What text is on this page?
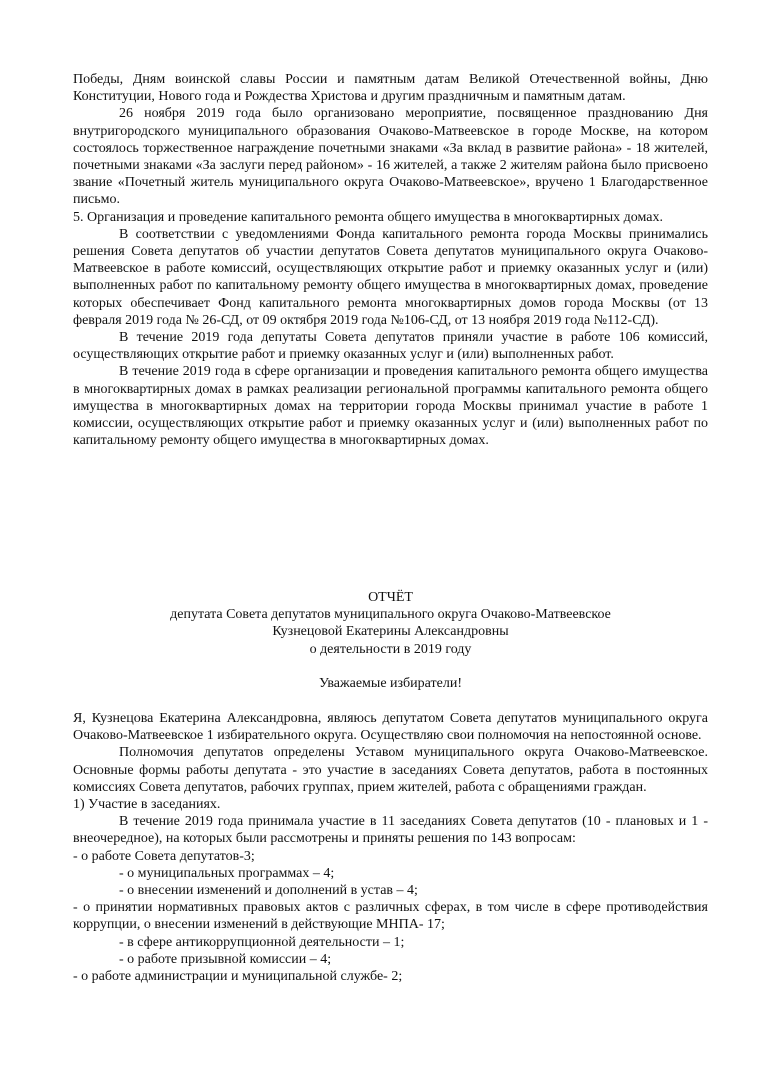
Победы, Дням воинской славы России и памятным датам Великой Отечественной войны, Дню Конституции, Нового года и Рождества Христова и другим праздничным и памятным датам.

26 ноября 2019 года было организовано мероприятие, посвященное празднованию Дня внутригородского муниципального образования Очаково-Матвеевское в городе Москве, на котором состоялось торжественное награждение почетными знаками «За вклад в развитие района» - 18 жителей, почетными знаками «За заслуги перед районом» - 16 жителей, а также 2 жителям района было присвоено звание «Почетный житель муниципального округа Очаково-Матвеевское», вручено 1 Благодарственное письмо.

5. Организация и проведение капитального ремонта общего имущества в многоквартирных домах.

В соответствии с уведомлениями Фонда капитального ремонта города Москвы принимались решения Совета депутатов об участии депутатов Совета депутатов муниципального округа Очаково-Матвеевское в работе комиссий, осуществляющих открытие работ и приемку оказанных услуг и (или) выполненных работ по капитальному ремонту общего имущества в многоквартирных домах, проведение которых обеспечивает Фонд капитального ремонта многоквартирных домов города Москвы (от 13 февраля 2019 года № 26-СД, от 09 октября 2019 года №106-СД, от 13 ноября 2019 года №112-СД).

В течение 2019 года депутаты Совета депутатов приняли участие в работе 106 комиссий, осуществляющих открытие работ и приемку оказанных услуг и (или) выполненных работ.

В течение 2019 года в сфере организации и проведения капитального ремонта общего имущества в многоквартирных домах в рамках реализации региональной программы капитального ремонта общего имущества в многоквартирных домах на территории города Москвы принимал участие в работе 1 комиссии, осуществляющих открытие работ и приемку оказанных услуг и (или) выполненных работ по капитальному ремонту общего имущества в многоквартирных домах.

ОТЧЁТ

депутата Совета депутатов муниципального округа Очаково-Матвеевское

Кузнецовой Екатерины Александровны

о деятельности в 2019 году

Уважаемые избиратели!

Я, Кузнецова Екатерина Александровна, являюсь депутатом Совета депутатов муниципального округа Очаково-Матвеевское 1 избирательного округа. Осуществляю свои полномочия на непостоянной основе.

Полномочия депутатов определены Уставом муниципального округа Очаково-Матвеевское. Основные формы работы депутата - это участие в заседаниях Совета депутатов, работа в постоянных комиссиях Совета депутатов, рабочих группах, прием жителей, работа с обращениями граждан.

1) Участие в заседаниях.

В течение 2019 года принимала участие в 11 заседаниях Совета депутатов (10 - плановых и 1 - внеочередное), на которых были рассмотрены и приняты решения по 143 вопросам:

- о работе Совета депутатов-3;

- о муниципальных программах – 4;

- о внесении изменений и дополнений в устав – 4;

- о принятии нормативных правовых актов с различных сферах, в том числе в сфере противодействия коррупции, о внесении изменений в действующие МНПА- 17;

- в сфере антикоррупционной деятельности – 1;

- о работе призывной комиссии – 4;

- о работе администрации и муниципальной службе- 2;
